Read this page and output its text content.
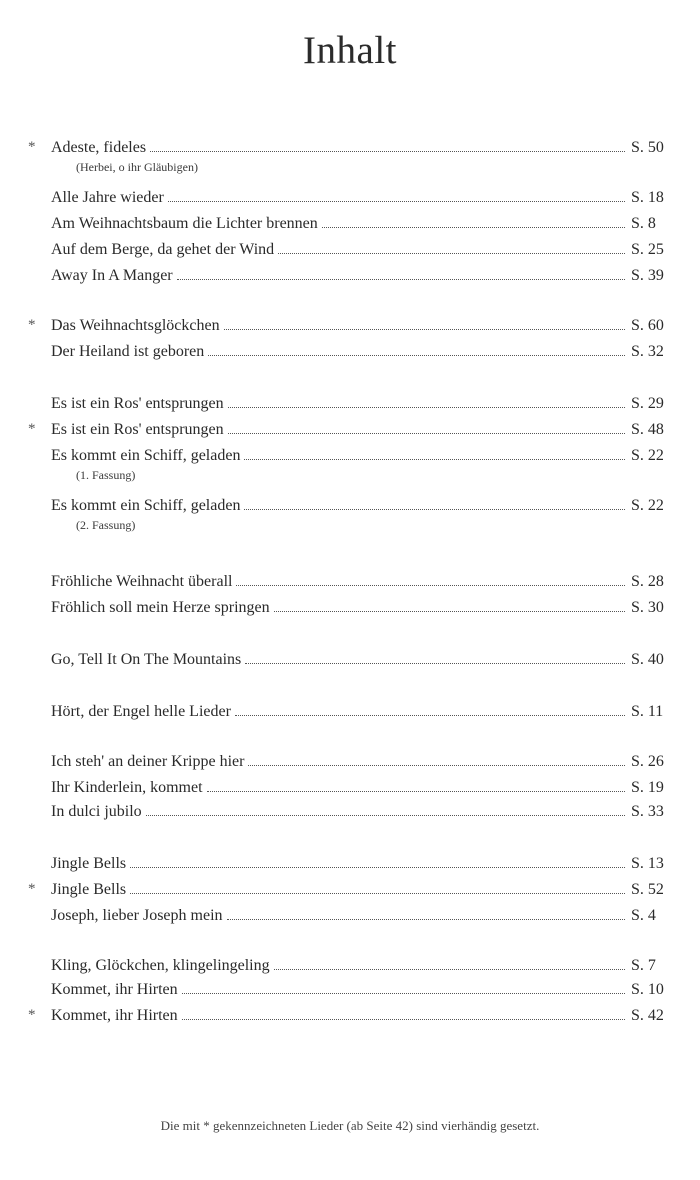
Inhalt
* Adeste, fideles	S. 50
(Herbei, o ihr Gläubigen)
Alle Jahre wieder	S. 18
Am Weihnachtsbaum die Lichter brennen	S. 8
Auf dem Berge, da gehet der Wind	S. 25
Away In A Manger	S. 39
* Das Weihnachtsglöckchen	S. 60
Der Heiland ist geboren	S. 32
Es ist ein Ros' entsprungen	S. 29
* Es ist ein Ros' entsprungen	S. 48
Es kommt ein Schiff, geladen	S. 22
(1. Fassung)
Es kommt ein Schiff, geladen	S. 22
(2. Fassung)
Fröhliche Weihnacht überall	S. 28
Fröhlich soll mein Herze springen	S. 30
Go, Tell It On The Mountains	S. 40
Hört, der Engel helle Lieder	S. 11
Ich steh' an deiner Krippe hier	S. 26
Ihr Kinderlein, kommet	S. 19
In dulci jubilo	S. 33
Jingle Bells	S. 13
* Jingle Bells	S. 52
Joseph, lieber Joseph mein	S. 4
Kling, Glöckchen, klingelingeling	S. 7
Kommet, ihr Hirten	S. 10
* Kommet, ihr Hirten	S. 42
Die mit * gekennzeichneten Lieder (ab Seite 42) sind vierhändig gesetzt.
